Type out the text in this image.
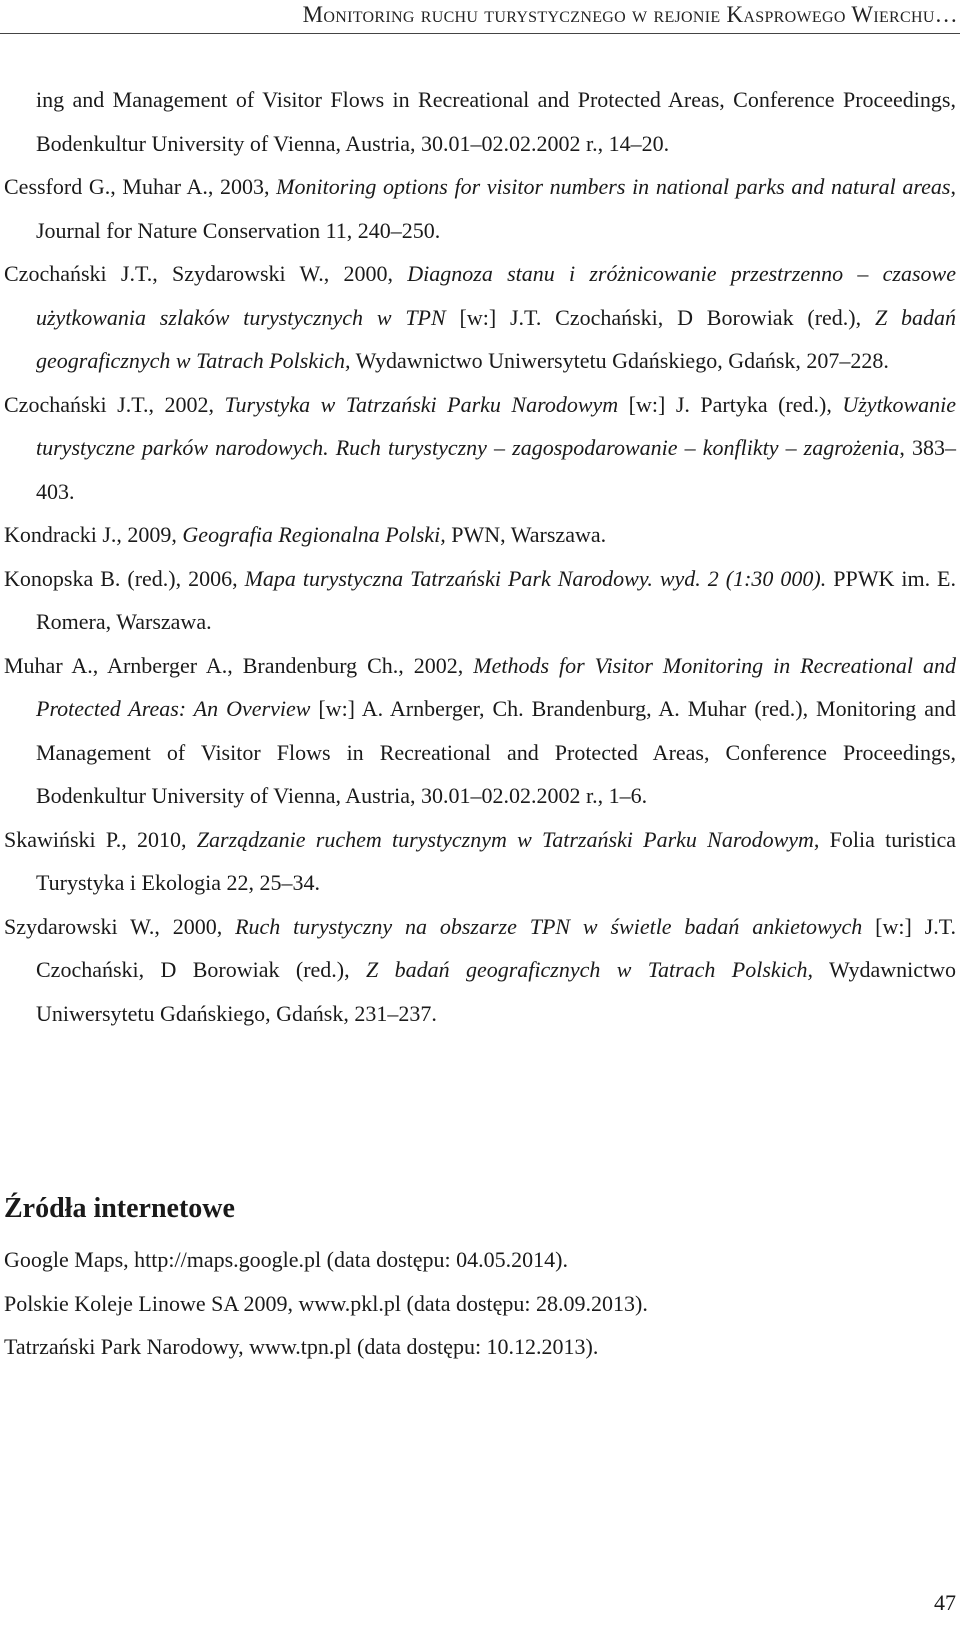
Monitoring ruchu turystycznego w rejonie Kasprowego Wierchu…

ing and Management of Visitor Flows in Recreational and Protected Areas, Conference Proceedings, Bodenkultur University of Vienna, Austria, 30.01–02.02.2002 r., 14–20.

Cessford G., Muhar A., 2003, Monitoring options for visitor numbers in national parks and natural areas, Journal for Nature Conservation 11, 240–250.

Czochański J.T., Szydarowski W., 2000, Diagnoza stanu i zróżnicowanie przestrzenno – czasowe użytkowania szlaków turystycznych w TPN [w:] J.T. Czochański, D Borowiak (red.), Z badań geograficznych w Tatrach Polskich, Wydawnictwo Uniwersytetu Gdańskiego, Gdańsk, 207–228.

Czochański J.T., 2002, Turystyka w Tatrzański Parku Narodowym [w:] J. Partyka (red.), Użytkowanie turystyczne parków narodowych. Ruch turystyczny – zagospodarowanie – konflikty – zagrożenia, 383–403.

Kondracki J., 2009, Geografia Regionalna Polski, PWN, Warszawa.

Konopska B. (red.), 2006, Mapa turystyczna Tatrzański Park Narodowy. wyd. 2 (1:30 000). PPWK im. E. Romera, Warszawa.

Muhar A., Arnberger A., Brandenburg Ch., 2002, Methods for Visitor Monitoring in Recreational and Protected Areas: An Overview [w:] A. Arnberger, Ch. Brandenburg, A. Muhar (red.), Monitoring and Management of Visitor Flows in Recreational and Protected Areas, Conference Proceedings, Bodenkultur University of Vienna, Austria, 30.01–02.02.2002 r., 1–6.

Skawiński P., 2010, Zarządzanie ruchem turystycznym w Tatrzański Parku Narodowym, Folia turistica Turystyka i Ekologia 22, 25–34.

Szydarowski W., 2000, Ruch turystyczny na obszarze TPN w świetle badań ankietowych [w:] J.T. Czochański, D Borowiak (red.), Z badań geograficznych w Tatrach Polskich, Wydawnictwo Uniwersytetu Gdańskiego, Gdańsk, 231–237.

Źródła internetowe

Google Maps, http://maps.google.pl (data dostępu: 04.05.2014).

Polskie Koleje Linowe SA 2009, www.pkl.pl (data dostępu: 28.09.2013).

Tatrzański Park Narodowy, www.tpn.pl (data dostępu: 10.12.2013).

47
